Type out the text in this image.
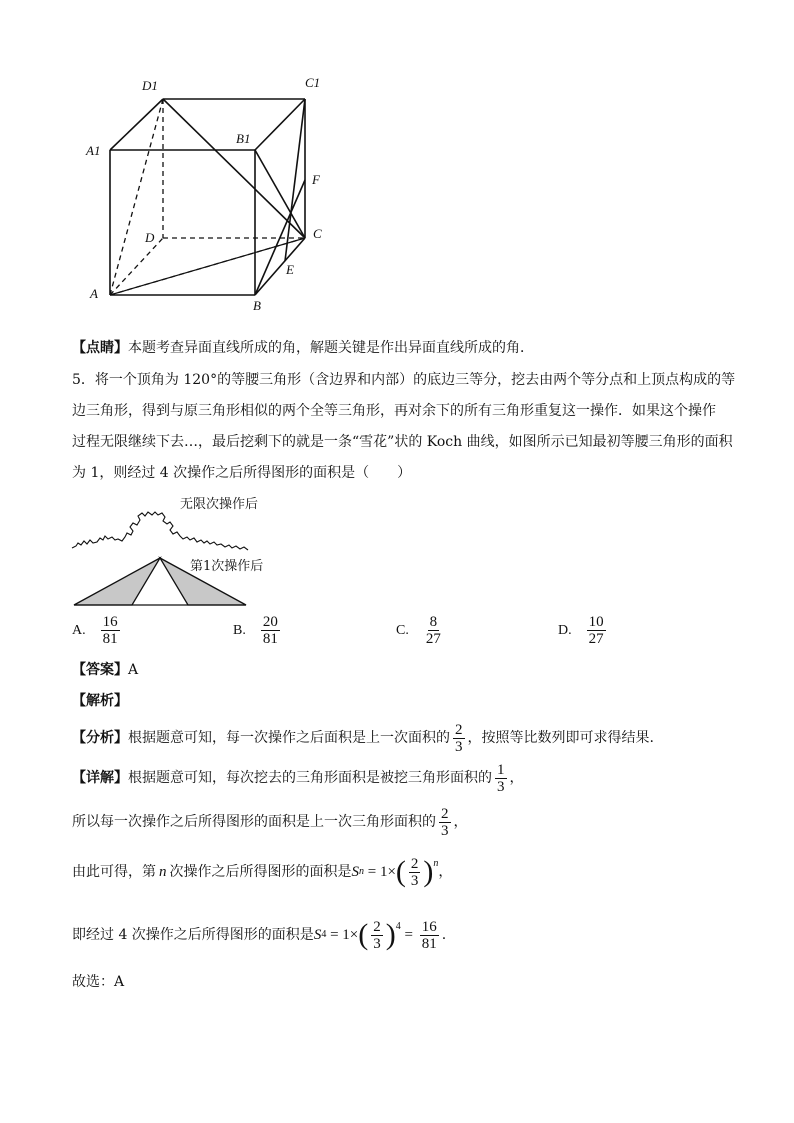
D1	C1
A1
B1
D	C
F
E
A
B
【点睛】本题考查异面直线所成的角，解题关键是作出异面直线所成的角．
5．将一个顶角为 120°的等腰三角形（含边界和内部）的底边三等分，挖去由两个等分点和上顶点构成的等
边三角形，得到与原三角形相似的两个全等三角形，再对余下的所有三角形重复这一操作．如果这个操作
过程无限继续下去…，最后挖剩下的就是一条“雪花”状的 Koch 曲线，如图所示已知最初等腰三角形的面积
为 1，则经过 4 次操作之后所得图形的面积是（　　）
无限次操作后
第1次操作后
A. $\frac{16}{81}$	B. $\frac{20}{81}$	C. $\frac{8}{27}$	D. $\frac{10}{27}$
【答案】A
【解析】
【分析】 根据题意可知，每一次操作之后面积是上一次面积的 $\frac{2}{3}$ ，按照等比数列即可求得结果.
【详解】 根据题意可知，每次挖去的三角形面积是被挖三角形面积的 $\frac{1}{3}$ ，
所以每一次操作之后所得图形的面积是上一次三角形面积的 $\frac{2}{3}$ ，
由此可得，第 n 次操作之后所得图形的面积是 S n = 1× ( $\frac{2}{3}$ ) n
，
即经过 4 次操作之后所得图形的面积是 S 4 = 1× ( $\frac{2}{3}$ ) 4
= $\frac{16}{81}$ .
故选：A
